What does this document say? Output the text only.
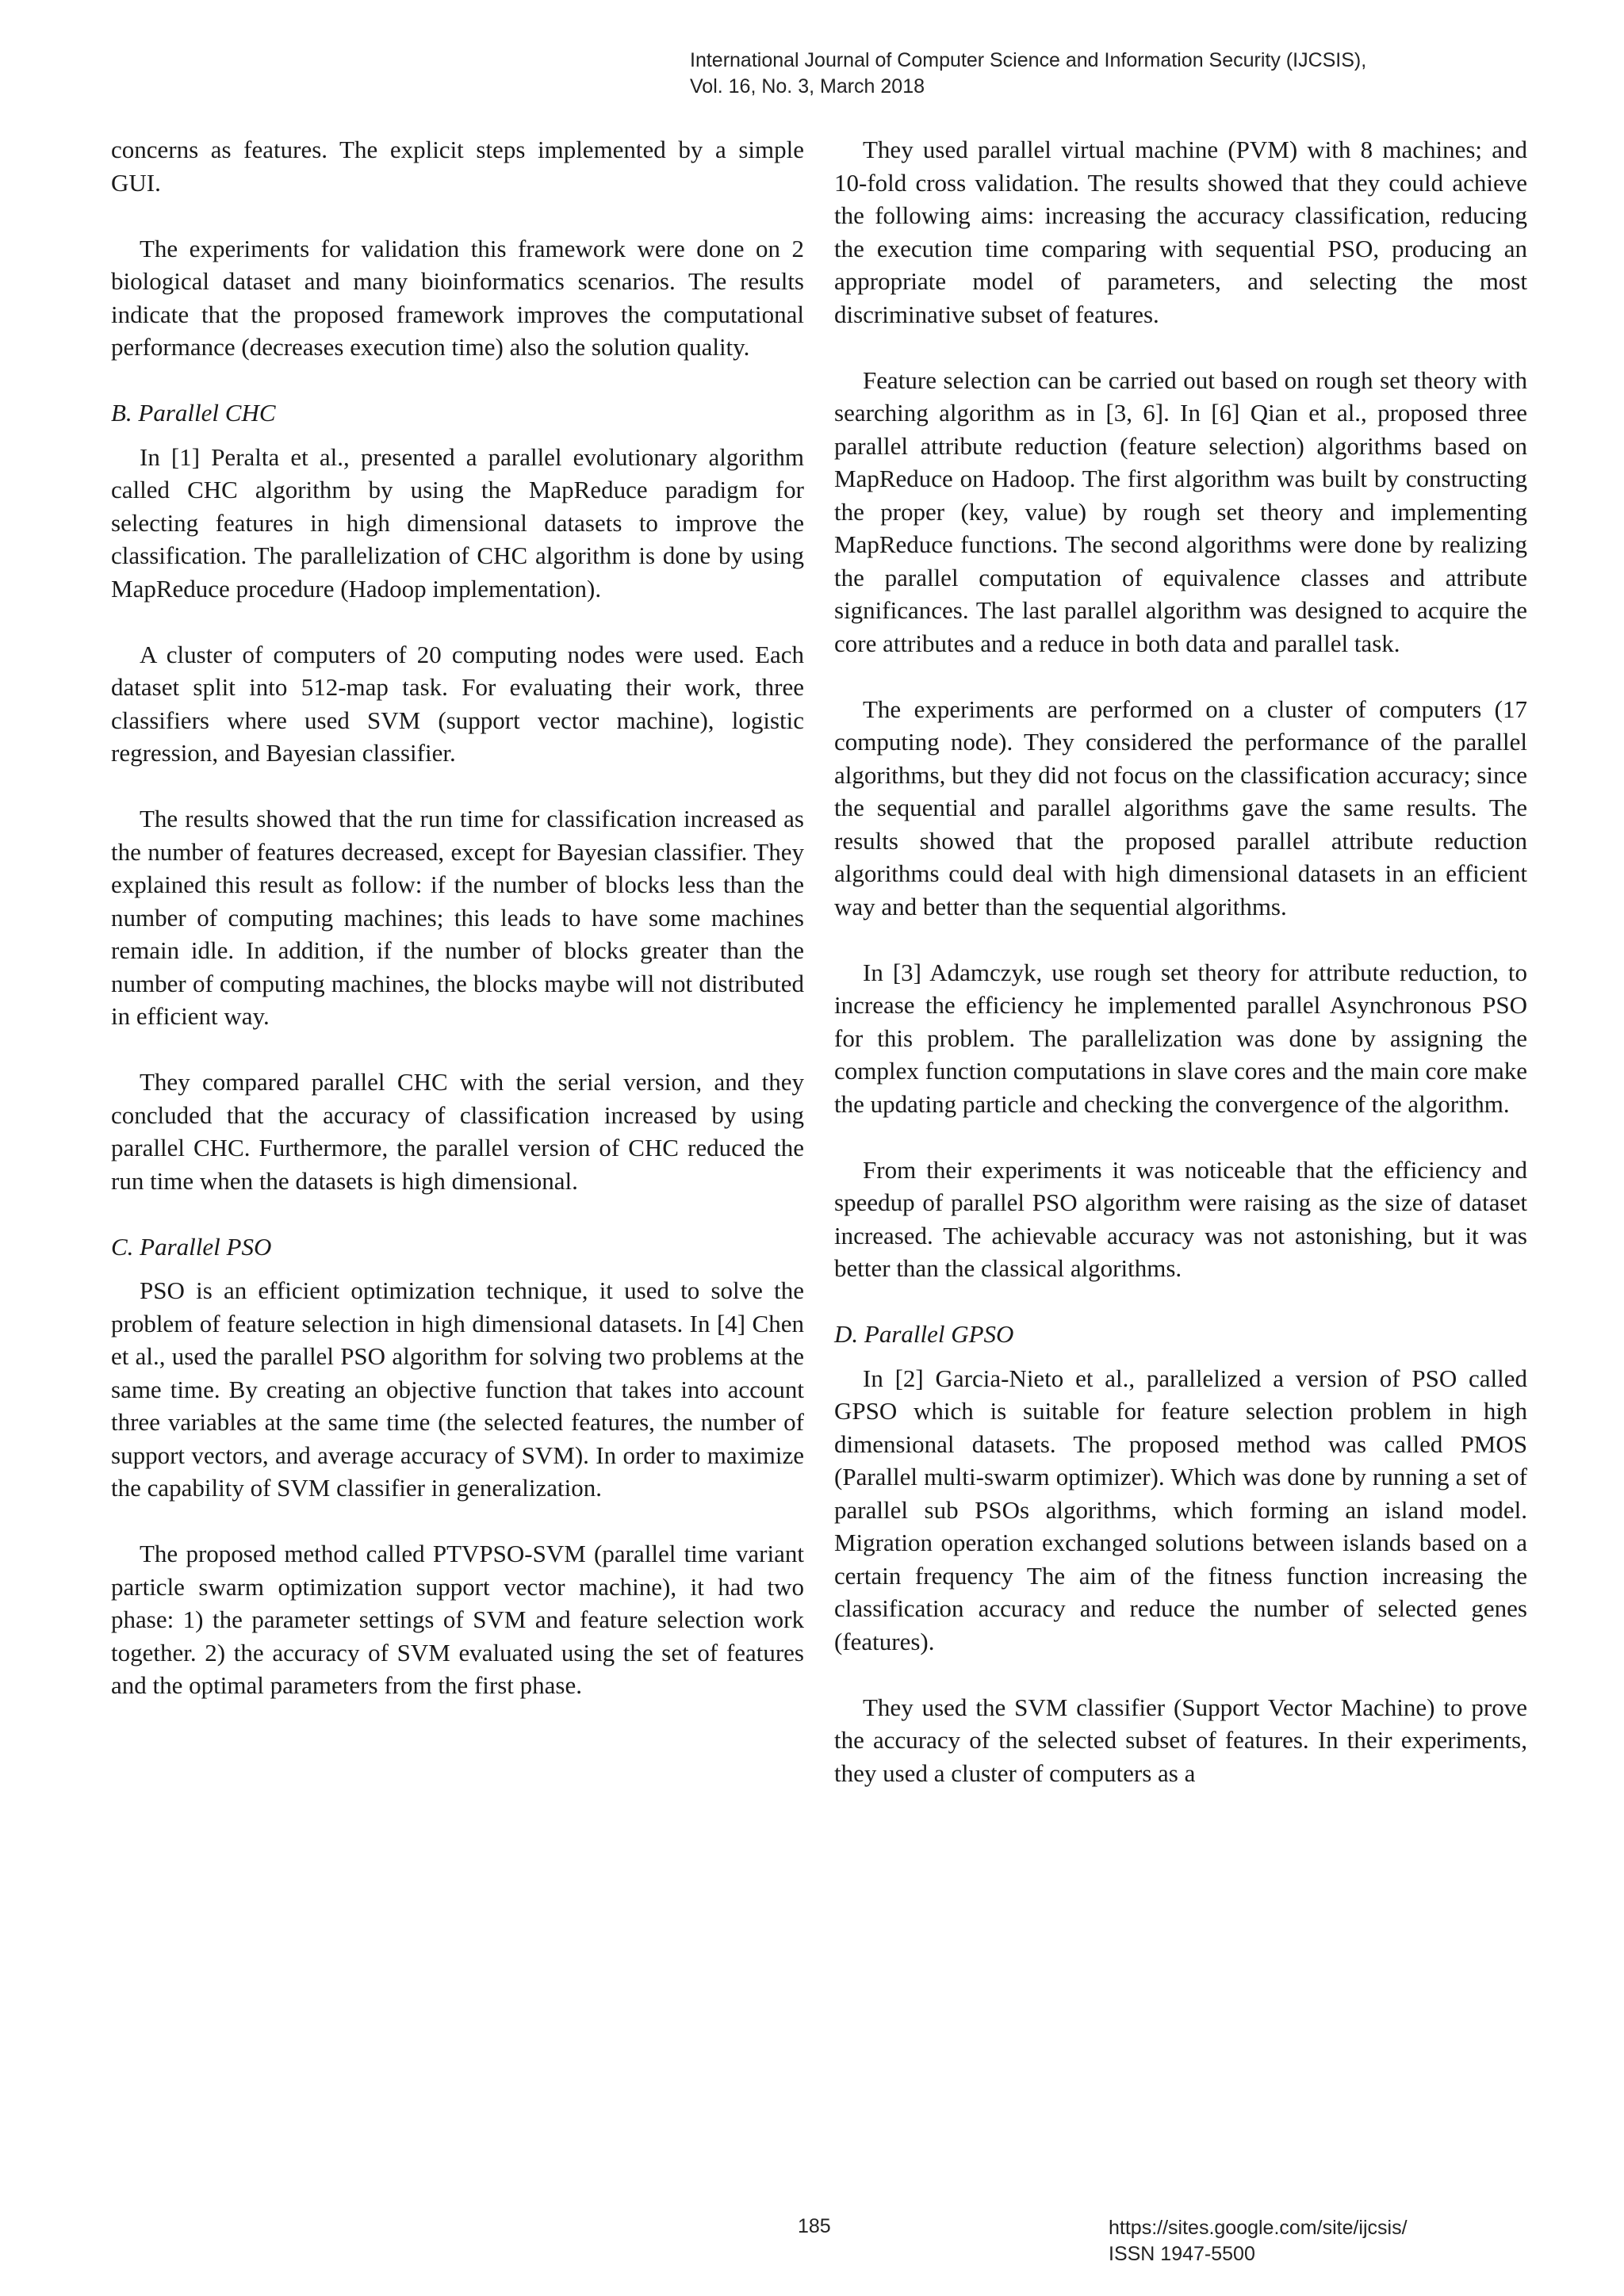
International Journal of Computer Science and Information Security (IJCSIS),
Vol. 16, No. 3, March 2018

concerns as features. The explicit steps implemented by a simple GUI.

The experiments for validation this framework were done on 2 biological dataset and many bioinformatics scenarios. The results indicate that the proposed framework improves the computational performance (decreases execution time) also the solution quality.

B. Parallel CHC

In [1] Peralta et al., presented a parallel evolutionary algorithm called CHC algorithm by using the MapReduce paradigm for selecting features in high dimensional datasets to improve the classification. The parallelization of CHC algorithm is done by using MapReduce procedure (Hadoop implementation).

A cluster of computers of 20 computing nodes were used. Each dataset split into 512-map task. For evaluating their work, three classifiers where used SVM (support vector machine), logistic regression, and Bayesian classifier.

The results showed that the run time for classification increased as the number of features decreased, except for Bayesian classifier. They explained this result as follow: if the number of blocks less than the number of computing machines; this leads to have some machines remain idle. In addition, if the number of blocks greater than the number of computing machines, the blocks maybe will not distributed in efficient way.

They compared parallel CHC with the serial version, and they concluded that the accuracy of classification increased by using parallel CHC. Furthermore, the parallel version of CHC reduced the run time when the datasets is high dimensional.

C. Parallel PSO

PSO is an efficient optimization technique, it used to solve the problem of feature selection in high dimensional datasets. In [4] Chen et al., used the parallel PSO algorithm for solving two problems at the same time. By creating an objective function that takes into account three variables at the same time (the selected features, the number of support vectors, and average accuracy of SVM). In order to maximize the capability of SVM classifier in generalization.

The proposed method called PTVPSO-SVM (parallel time variant particle swarm optimization support vector machine), it had two phase: 1) the parameter settings of SVM and feature selection work together. 2) the accuracy of SVM evaluated using the set of features and the optimal parameters from the first phase.

They used parallel virtual machine (PVM) with 8 machines; and 10-fold cross validation. The results showed that they could achieve the following aims: increasing the accuracy classification, reducing the execution time comparing with sequential PSO, producing an appropriate model of parameters, and selecting the most discriminative subset of features.

Feature selection can be carried out based on rough set theory with searching algorithm as in [3, 6]. In [6] Qian et al., proposed three parallel attribute reduction (feature selection) algorithms based on MapReduce on Hadoop. The first algorithm was built by constructing the proper (key, value) by rough set theory and implementing MapReduce functions. The second algorithms were done by realizing the parallel computation of equivalence classes and attribute significances. The last parallel algorithm was designed to acquire the core attributes and a reduce in both data and parallel task.

The experiments are performed on a cluster of computers (17 computing node). They considered the performance of the parallel algorithms, but they did not focus on the classification accuracy; since the sequential and parallel algorithms gave the same results. The results showed that the proposed parallel attribute reduction algorithms could deal with high dimensional datasets in an efficient way and better than the sequential algorithms.

In [3] Adamczyk, use rough set theory for attribute reduction, to increase the efficiency he implemented parallel Asynchronous PSO for this problem. The parallelization was done by assigning the complex function computations in slave cores and the main core make the updating particle and checking the convergence of the algorithm.

From their experiments it was noticeable that the efficiency and speedup of parallel PSO algorithm were raising as the size of dataset increased. The achievable accuracy was not astonishing, but it was better than the classical algorithms.

D. Parallel GPSO

In [2] Garcia-Nieto et al., parallelized a version of PSO called GPSO which is suitable for feature selection problem in high dimensional datasets. The proposed method was called PMOS (Parallel multi-swarm optimizer). Which was done by running a set of parallel sub PSOs algorithms, which forming an island model. Migration operation exchanged solutions between islands based on a certain frequency The aim of the fitness function increasing the classification accuracy and reduce the number of selected genes (features).

They used the SVM classifier (Support Vector Machine) to prove the accuracy of the selected subset of features. In their experiments, they used a cluster of computers as a

185	https://sites.google.com/site/ijcsis/
ISSN 1947-5500
